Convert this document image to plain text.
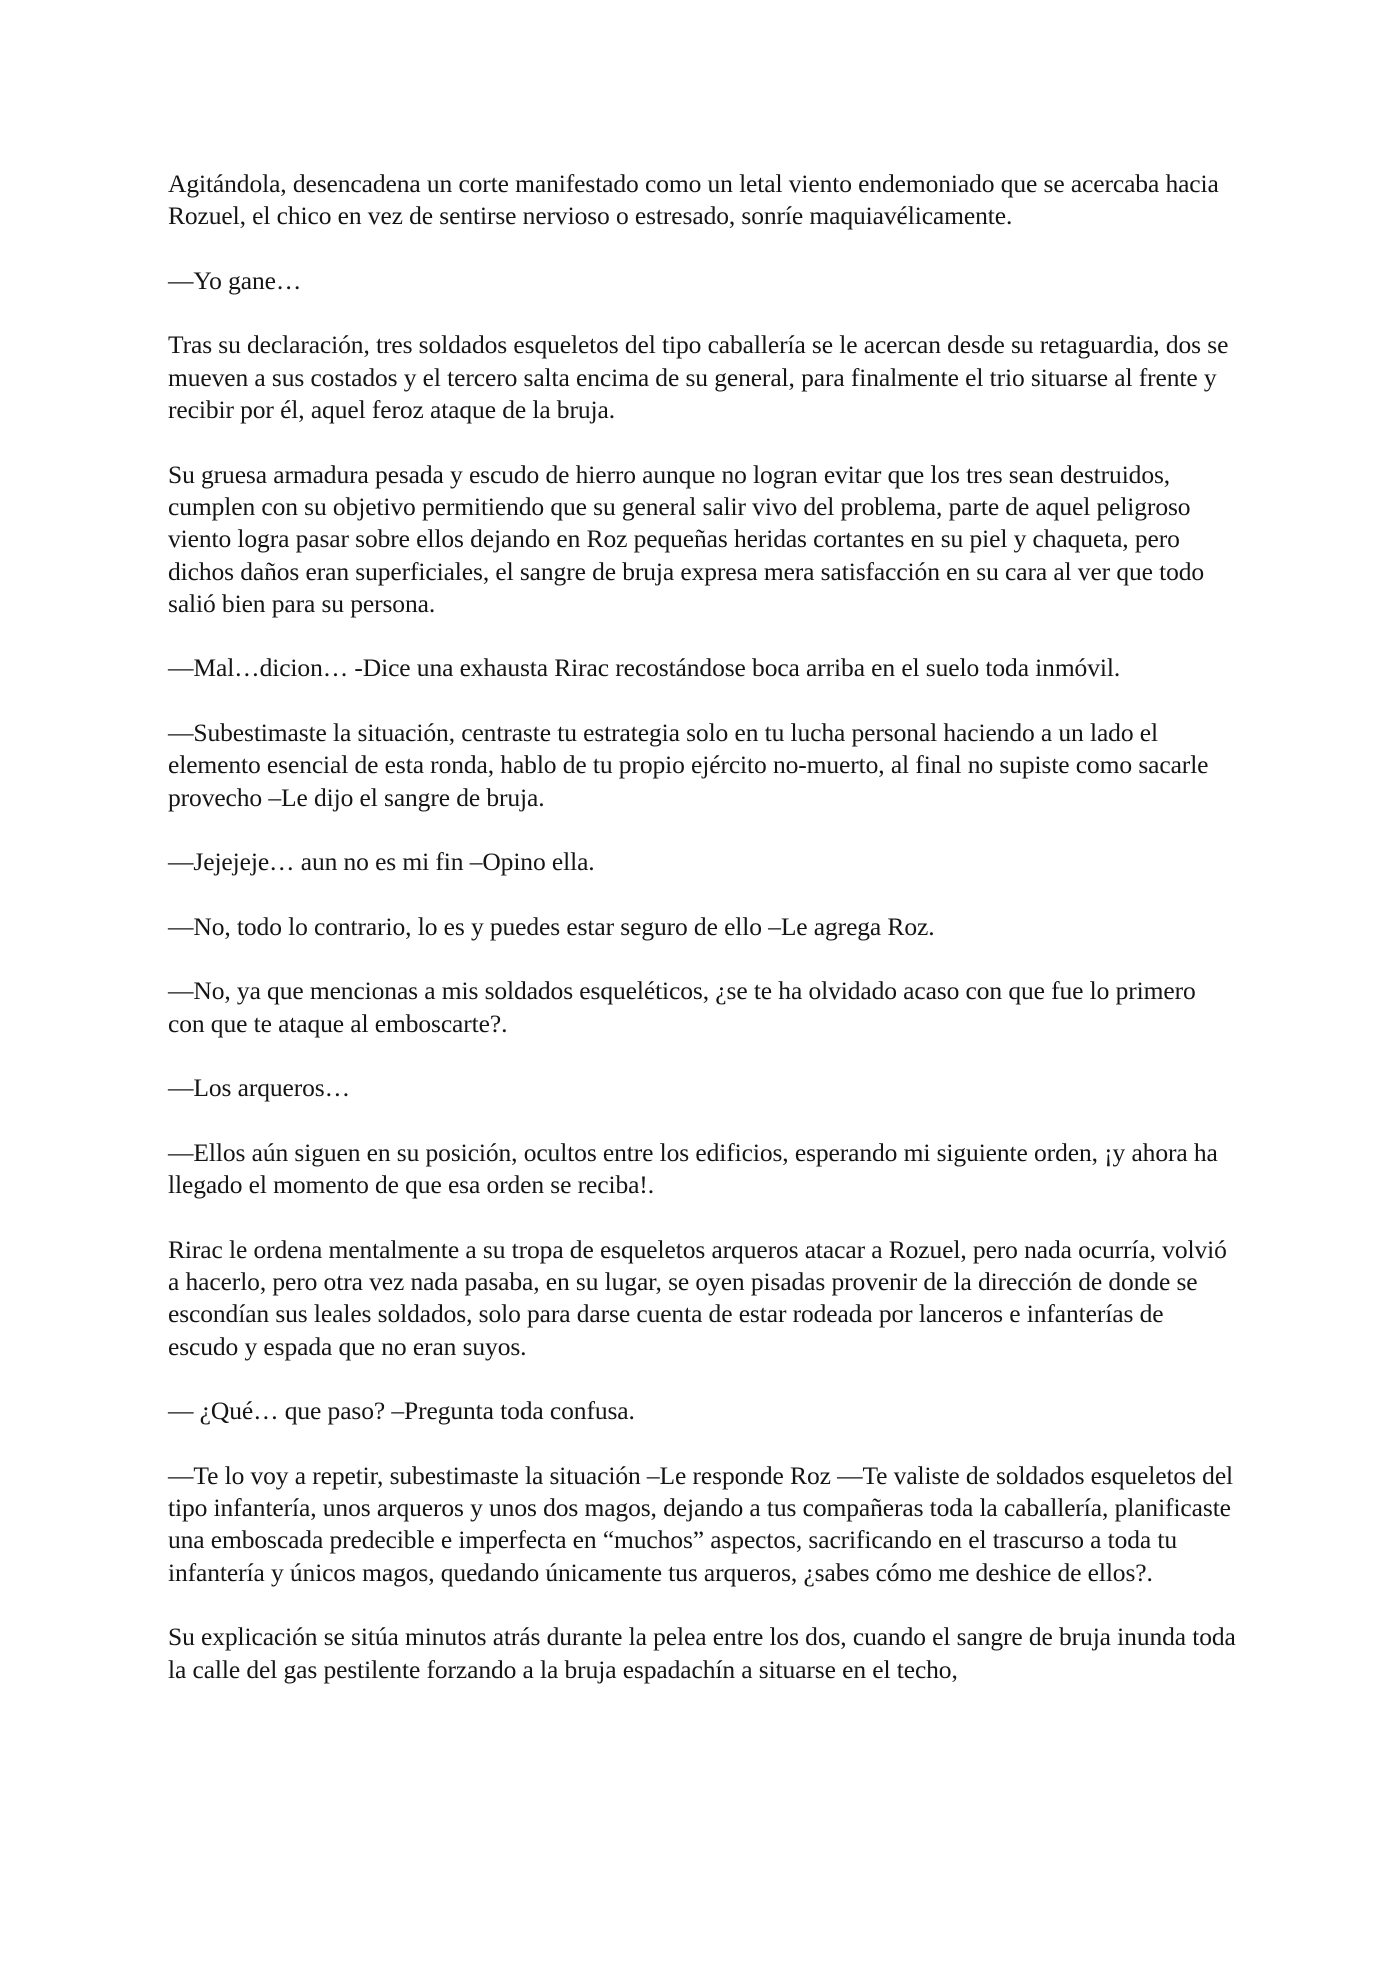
Agitándola, desencadena un corte manifestado como un letal viento endemoniado que se acercaba hacia Rozuel, el chico en vez de sentirse nervioso o estresado, sonríe maquiavélicamente.

—Yo gane…

Tras su declaración, tres soldados esqueletos del tipo caballería se le acercan desde su retaguardia, dos se mueven a sus costados y el tercero salta encima de su general, para finalmente el trio situarse al frente y recibir por él, aquel feroz ataque de la bruja.

Su gruesa armadura pesada y escudo de hierro aunque no logran evitar que los tres sean destruidos, cumplen con su objetivo permitiendo que su general salir vivo del problema, parte de aquel peligroso viento logra pasar sobre ellos dejando en Roz pequeñas heridas cortantes en su piel y chaqueta, pero dichos daños eran superficiales, el sangre de bruja expresa mera satisfacción en su cara al ver que todo salió bien para su persona.

—Mal…dicion… -Dice una exhausta Rirac recostándose boca arriba en el suelo toda inmóvil.

—Subestimaste la situación, centraste tu estrategia solo en tu lucha personal haciendo a un lado el elemento esencial de esta ronda, hablo de tu propio ejército no-muerto, al final no supiste como sacarle provecho –Le dijo el sangre de bruja.

—Jejejeje… aun no es mi fin –Opino ella.

—No, todo lo contrario, lo es y puedes estar seguro de ello –Le agrega Roz.

—No, ya que mencionas a mis soldados esqueléticos, ¿se te ha olvidado acaso con que fue lo primero con que te ataque al emboscarte?.

—Los arqueros…

—Ellos aún siguen en su posición, ocultos entre los edificios, esperando mi siguiente orden, ¡y ahora ha llegado el momento de que esa orden se reciba!.

Rirac le ordena mentalmente a su tropa de esqueletos arqueros atacar a Rozuel, pero nada ocurría, volvió a hacerlo, pero otra vez nada pasaba, en su lugar, se oyen pisadas provenir de la dirección de donde se escondían sus leales soldados, solo para darse cuenta de estar rodeada por lanceros e infanterías de escudo y espada que no eran suyos.

— ¿Qué… que paso? –Pregunta toda confusa.

—Te lo voy a repetir, subestimaste la situación –Le responde Roz —Te valiste de soldados esqueletos del tipo infantería, unos arqueros y unos dos magos, dejando a tus compañeras toda la caballería, planificaste una emboscada predecible e imperfecta en “muchos” aspectos, sacrificando en el trascurso a toda tu infantería y únicos magos, quedando únicamente tus arqueros, ¿sabes cómo me deshice de ellos?.

Su explicación se sitúa minutos atrás durante la pelea entre los dos, cuando el sangre de bruja inunda toda la calle del gas pestilente forzando a la bruja espadachín a situarse en el techo,
